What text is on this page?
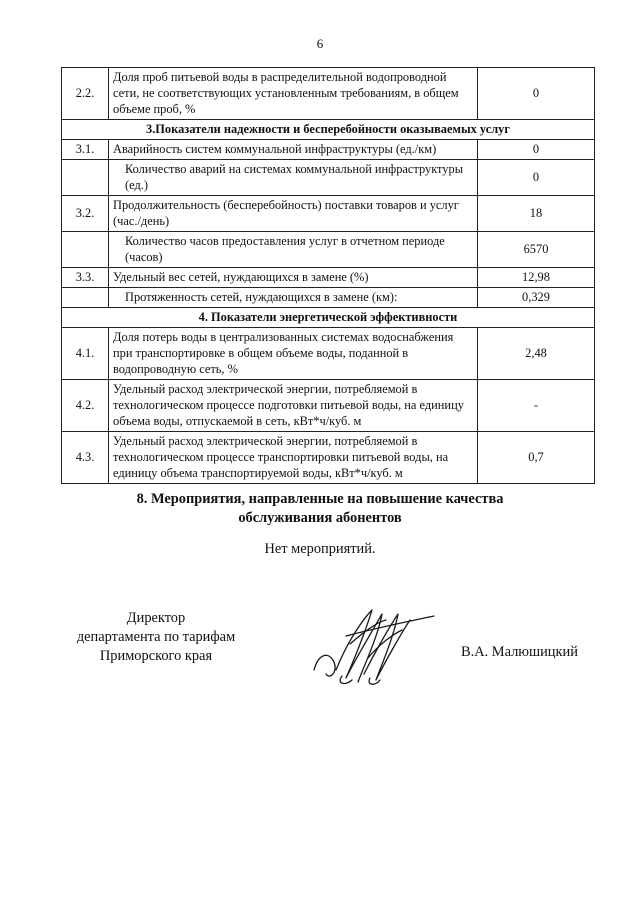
6
2.2.	Доля проб питьевой воды в распределительной водопроводной сети, не соответствующих установленным требованиям, в общем объеме проб, %	0
3.Показатели надежности и бесперебойности оказываемых услуг		
3.1.	Аварийность систем коммунальной инфраструктуры (ед./км)	0
	Количество аварий на системах коммунальной инфраструктуры (ед.)	0
3.2.	Продолжительность (бесперебойность) поставки товаров и услуг (час./день)	18
	Количество часов предоставления услуг в отчетном периоде (часов)	6570
3.3.	Удельный вес сетей, нуждающихся в замене (%)	12,98
	Протяженность сетей, нуждающихся в замене (км):	0,329
4. Показатели энергетической эффективности		
4.1.	Доля потерь воды в централизованных системах водоснабжения при транспортировке в общем объеме воды, поданной в водопроводную сеть, %	2,48
4.2.	Удельный расход электрической энергии, потребляемой в технологическом процессе подготовки питьевой воды, на единицу объема воды, отпускаемой в сеть, кВт*ч/куб. м	-
4.3.	Удельный расход электрической энергии, потребляемой в технологическом процессе транспортировки питьевой воды, на единицу объема транспортируемой воды, кВт*ч/куб. м	0,7
8. Мероприятия, направленные на повышение качества
обслуживания абонентов
Нет мероприятий.
Директор
департамента по тарифам
Приморского края	В.А. Малюшицкий
